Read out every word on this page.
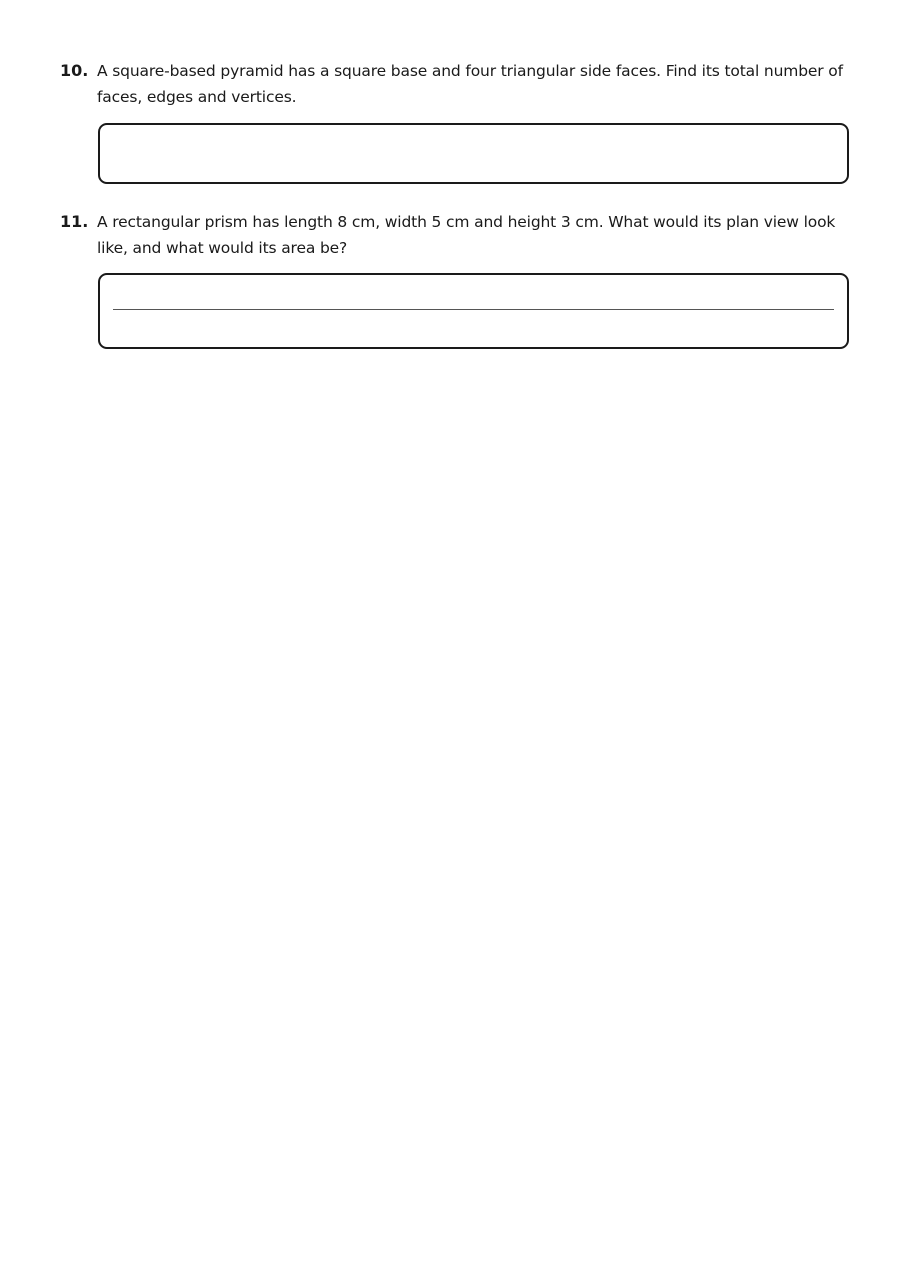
10. A square-based pyramid has a square base and four triangular side faces. Find its total number of faces, edges and vertices.
11. A rectangular prism has length 8 cm, width 5 cm and height 3 cm. What would its plan view look like, and what would its area be?
